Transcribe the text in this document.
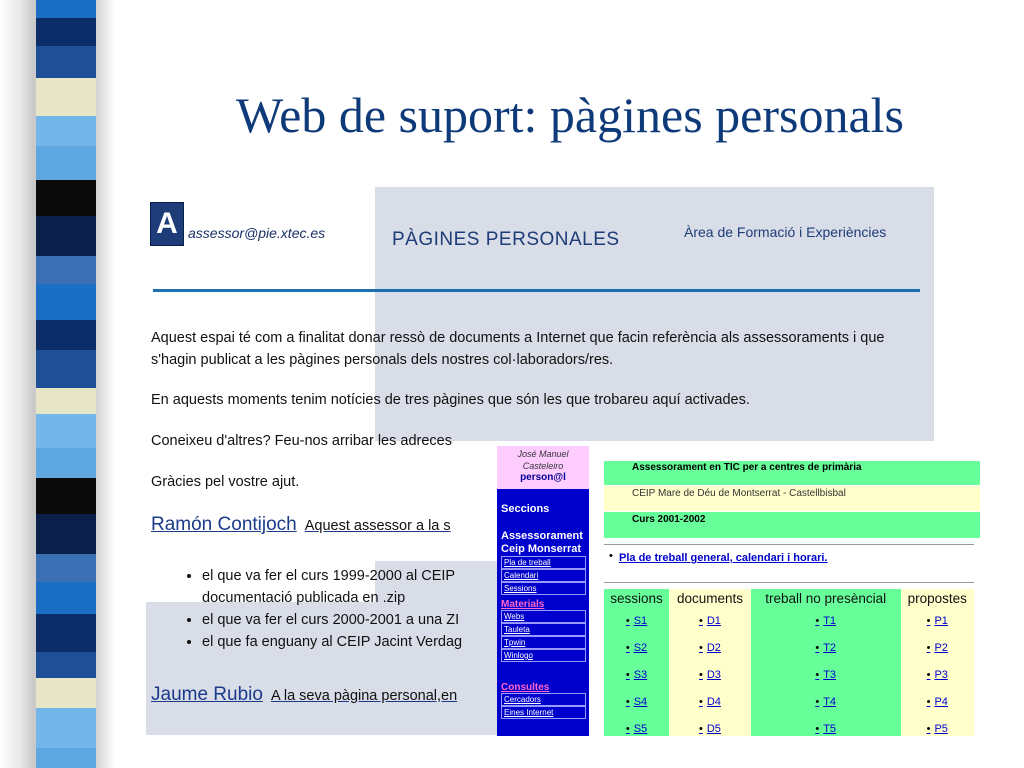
Web de suport: pàgines personals
A assessor@pie.xtec.es	PÀGINES PERSONALES	Àrea de Formació i Experiències
Aquest espai té com a finalitat donar ressò de documents a Internet que facin referència als assessoraments i que s'hagin publicat a les pàgines personals dels nostres col·laboradors/res.
En aquests moments tenim notícies de tres pàgines que són les que trobareu aquí activades.
Coneixeu d'altres? Feu-nos arribar les adreces
Gràcies pel vostre ajut.
Ramón Contijoch Aquest assessor a la s
• el que va fer el curs 1999-2000 al CEIP
documentació publicada en .zip
• el que va fer el curs 2000-2001 a una ZI
• el que fa enguany al CEIP Jacint Verdag
Jaume Rubio A la seva pàgina personal,en
José Manuel
Casteleiro
person@l
Seccions
Assessorament Ceip Monserrat
Pla de treball
Calendari
Sessions
Materials
Webs
Tauleta
Tpwin
Winlogo
Consultes
Cercadors
Eines Internet
Assessorament en TIC per a centres de primària
CEIP Mare de Déu de Montserrat - Castellbisbal
Curs 2001-2002
• Pla de treball general, calendari i horari.
sessions	documents	treball no presèncial	propostes
• S1	• D1	• T1	• P1
• S2	• D2	• T2	• P2
• S3	• D3	• T3	• P3
• S4	• D4	• T4	• P4
• S5	• D5	• T5	• P5
